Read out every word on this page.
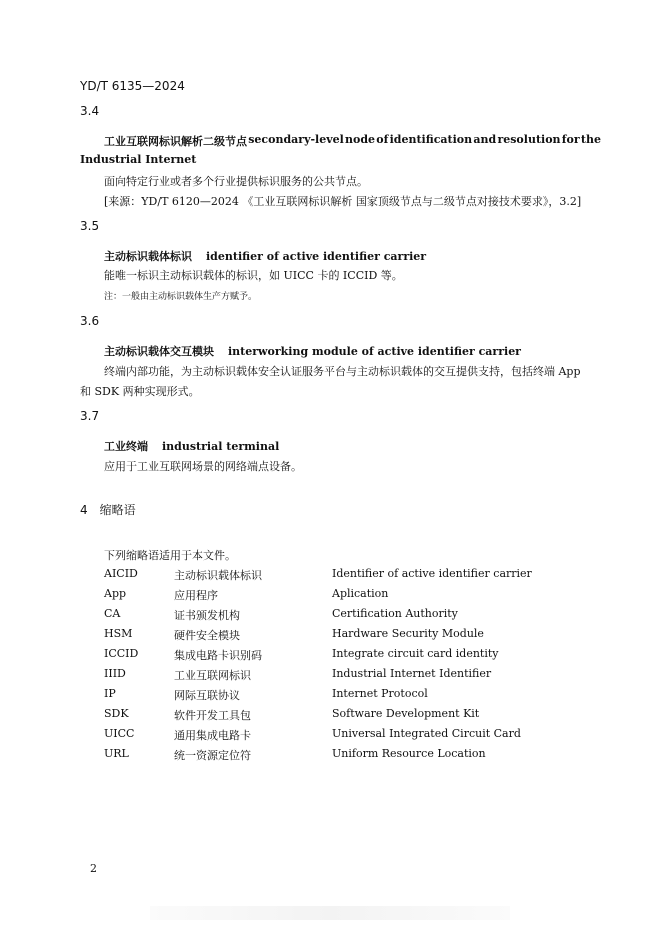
YD/T 6135—2024
3.4
工业互联网标识解析二级节点 secondary-level node of identification and resolution for the
Industrial Internet
面向特定行业或者多个行业提供标识服务的公共节点。
[来源：YD/T 6120—2024 《工业互联网标识解析 国家顶级节点与二级节点对接技术要求》，3.2]
3.5
主动标识载体标识 identifier of active identifier carrier
能唯一标识主动标识载体的标识，如 UICC 卡的 ICCID 等。
注：一般由主动标识载体生产方赋予。
3.6
主动标识载体交互模块 interworking module of active identifier carrier
终端内部功能，为主动标识载体安全认证服务平台与主动标识载体的交互提供支持，包括终端 App
和 SDK 两种实现形式。
3.7
工业终端 industrial terminal
应用于工业互联网场景的网络端点设备。
4 缩略语
下列缩略语适用于本文件。
AICID	主动标识载体标识	Identifier of active identifier carrier
App	应用程序	Aplication
CA	证书颁发机构	Certification Authority
HSM	硬件安全模块	Hardware Security Module
ICCID	集成电路卡识别码	Integrate circuit card identity
IIID	工业互联网标识	Industrial Internet Identifier
IP	网际互联协议	Internet Protocol
SDK	软件开发工具包	Software Development Kit
UICC	通用集成电路卡	Universal Integrated Circuit Card
URL	统一资源定位符	Uniform Resource Location
2
